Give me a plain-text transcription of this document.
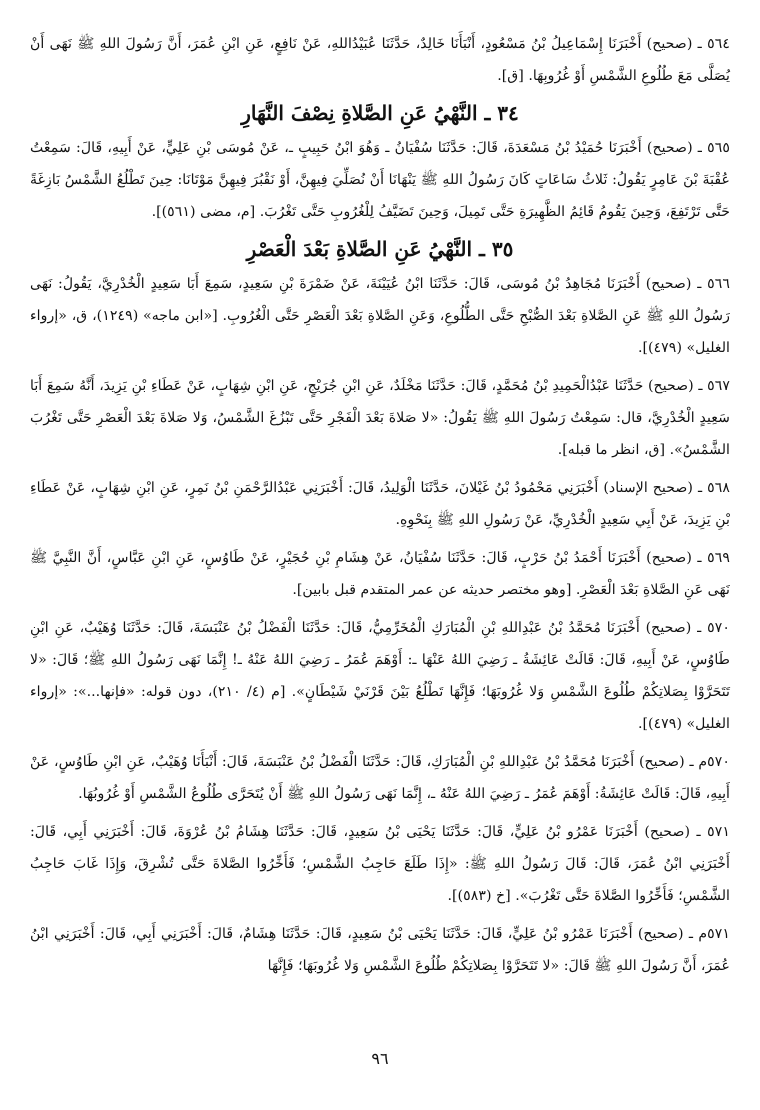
٥٦٤ ـ (صحيح) أَخْبَرَنَا إِسْمَاعِيلُ بْنُ مَسْعُودٍ، أَنْبَأَنَا خَالِدٌ، حَدَّثَنَا عُبَيْدُاللهِ، عَنْ نَافِعٍ، عَنِ ابْنِ عُمَرَ، أَنَّ رَسُولَ اللهِ ﷺ نَهَى أَنْ يُصَلَّى مَعَ طُلُوعِ الشَّمْسِ أَوْ غُرُوبِهَا. [ق].
٣٤ ـ النَّهْيُ عَنِ الصَّلاةِ نِصْفَ النَّهَارِ
٥٦٥ ـ (صحيح) أَخْبَرَنَا حُمَيْدُ بْنُ مَسْعَدَةَ، قَالَ: حَدَّثَنَا سُفْيَانُ ـ وَهُوَ ابْنُ حَبِيبٍ ـ، عَنْ مُوسَى بْنِ عَلِيٍّ، عَنْ أَبِيهِ، قَالَ: سَمِعْتُ عُقْبَةَ بْنَ عَامِرٍ يَقُولُ: ثَلاثُ سَاعَاتٍ كَانَ رَسُولُ اللهِ ﷺ يَنْهَانَا أَنْ نُصَلِّيَ فِيهِنَّ، أَوْ نَقْبُرَ فِيهِنَّ مَوْتَانَا: حِينَ تَطْلُعُ الشَّمْسُ بَازِغَةً حَتَّى تَرْتَفِعَ، وَحِينَ يَقُومُ قَائِمُ الظَّهِيرَةِ حَتَّى تَمِيلَ، وَحِينَ تَضَيَّفُ لِلْغُرُوبِ حَتَّى تَغْرُبَ. [م، مضى (٥٦١)].
٣٥ ـ النَّهْيُ عَنِ الصَّلاةِ بَعْدَ الْعَصْرِ
٥٦٦ ـ (صحيح) أَخْبَرَنَا مُجَاهِدُ بْنُ مُوسَى، قَالَ: حَدَّثَنَا ابْنُ عُيَيْنَةَ، عَنْ ضَمْرَةَ بْنِ سَعِيدٍ، سَمِعَ أَبَا سَعِيدٍ الْخُدْرِيَّ، يَقُولُ: نَهَى رَسُولُ اللهِ ﷺ عَنِ الصَّلاةِ بَعْدَ الصُّبْحِ حَتَّى الطُّلُوعِ، وَعَنِ الصَّلاةِ بَعْدَ الْعَصْرِ حَتَّى الْغُرُوبِ. [«ابن ماجه» (١٢٤٩)، ق، «إرواء الغليل» (٤٧٩)].
٥٦٧ ـ (صحيح) حَدَّثَنَا عَبْدُالْحَمِيدِ بْنُ مُحَمَّدٍ، قَالَ: حَدَّثَنَا مَخْلَدٌ، عَنِ ابْنِ جُرَيْجٍ، عَنِ ابْنِ شِهَابٍ، عَنْ عَطَاءِ بْنِ يَزِيدَ، أَنَّهُ سَمِعَ أَبَا سَعِيدٍ الْخُدْرِيَّ، قال: سَمِعْتُ رَسُولَ اللهِ ﷺ يَقُولُ: «لا صَلاةَ بَعْدَ الْفَجْرِ حَتَّى تَبْزُغَ الشَّمْسُ، وَلا صَلاةَ بَعْدَ الْعَصْرِ حَتَّى تَغْرُبَ الشَّمْسُ». [ق، انظر ما قبله].
٥٦٨ ـ (صحيح الإسناد) أَخْبَرَنِي مَحْمُودُ بْنُ غَيْلانَ، حَدَّثَنَا الْوَلِيدُ، قَالَ: أَخْبَرَنِي عَبْدُالرَّحْمَنِ بْنُ نَمِرٍ، عَنِ ابْنِ شِهَابٍ، عَنْ عَطَاءِ بْنِ يَزِيدَ، عَنْ أَبِي سَعِيدٍ الْخُدْرِيِّ، عَنْ رَسُولِ اللهِ ﷺ بِنَحْوِهِ.
٥٦٩ ـ (صحيح) أَخْبَرَنَا أَحْمَدُ بْنُ حَرْبٍ، قَالَ: حَدَّثَنَا سُفْيَانُ، عَنْ هِشَامِ بْنِ حُجَيْرٍ، عَنْ طَاوُسٍ، عَنِ ابْنِ عَبَّاسٍ، أَنَّ النَّبِيَّ ﷺ نَهَى عَنِ الصَّلاةِ بَعْدَ الْعَصْرِ. [وهو مختصر حديثه عن عمر المتقدم قبل بابين].
٥٧٠ ـ (صحيح) أَخْبَرَنَا مُحَمَّدُ بْنُ عَبْدِاللهِ بْنِ الْمُبَارَكِ الْمُخَرِّمِيُّ، قَالَ: حَدَّثَنَا الْفَضْلُ بْنُ عَنْبَسَةَ، قَالَ: حَدَّثَنَا وُهَيْبٌ، عَنِ ابْنِ طَاوُسٍ، عَنْ أَبِيهِ، قَالَ: قَالَتْ عَائِشَةُ ـ رَضِيَ اللهُ عَنْهَا ـ: أَوْهَمَ عُمَرُ ـ رَضِيَ اللهُ عَنْهُ ـ! إِنَّمَا نَهَى رَسُولُ اللهِ ﷺ؛ قَالَ: «لا تَتَحَرَّوْا بِصَلاتِكُمْ طُلُوعَ الشَّمْسِ وَلا غُرُوبَهَا؛ فَإِنَّهَا تَطْلُعُ بَيْنَ قَرْنَيْ شَيْطَانٍ». [م (٤/ ٢١٠)، دون قوله: «فإنها...»: «إرواء الغليل» (٤٧٩)].
٥٧٠م ـ (صحيح) أَخْبَرَنَا مُحَمَّدُ بْنُ عَبْدِاللهِ بْنِ الْمُبَارَكِ، قَالَ: حَدَّثَنَا الْفَضْلُ بْنُ عَنْبَسَةَ، قَالَ: أَنْبَأَنَا وُهَيْبٌ، عَنِ ابْنِ طَاوُسٍ، عَنْ أَبِيهِ، قَالَ: قَالَتْ عَائِشَةُ: أَوْهَمَ عُمَرُ ـ رَضِيَ اللهُ عَنْهُ ـ، إِنَّمَا نَهَى رَسُولُ اللهِ ﷺ أَنْ يُتَحَرَّى طُلُوعُ الشَّمْسِ أَوْ غُرُوبُهَا.
٥٧١ ـ (صحيح) أَخْبَرَنَا عَمْرُو بْنُ عَلِيٍّ، قَالَ: حَدَّثَنَا يَحْيَى بْنُ سَعِيدٍ، قَالَ: حَدَّثَنَا هِشَامُ بْنُ عُرْوَةَ، قَالَ: أَخْبَرَنِي أَبِي، قَالَ: أَخْبَرَنِي ابْنُ عُمَرَ، قَالَ: قَالَ رَسُولُ اللهِ ﷺ: «إِذَا طَلَعَ حَاجِبُ الشَّمْسِ؛ فَأَخِّرُوا الصَّلاةَ حَتَّى تُشْرِقَ، وَإِذَا غَابَ حَاجِبُ الشَّمْسِ؛ فَأَخِّرُوا الصَّلاةَ حَتَّى تَغْرُبَ». [خ (٥٨٣)].
٥٧١م ـ (صحيح) أَخْبَرَنَا عَمْرُو بْنُ عَلِيٍّ، قَالَ: حَدَّثَنَا يَحْيَى بْنُ سَعِيدٍ، قَالَ: حَدَّثَنَا هِشَامٌ، قَالَ: أَخْبَرَنِي أَبِي، قَالَ: أَخْبَرَنِي ابْنُ عُمَرَ، أَنَّ رَسُولَ اللهِ ﷺ قَالَ: «لا تَتَحَرَّوْا بِصَلاتِكُمْ طُلُوعَ الشَّمْسِ وَلا غُرُوبَهَا؛ فَإِنَّهَا
٩٦
